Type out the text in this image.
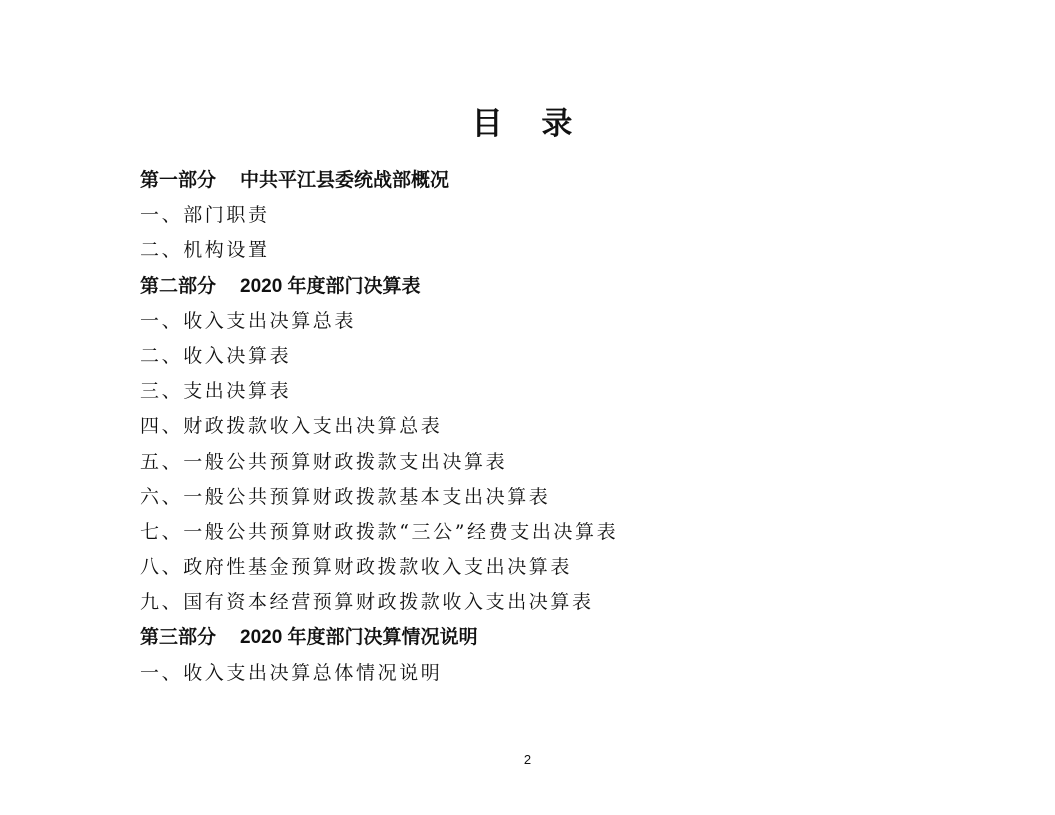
目 录
第一部分 中共平江县委统战部概况
一、部门职责
二、机构设置
第二部分 2020 年度部门决算表
一、收入支出决算总表
二、收入决算表
三、支出决算表
四、财政拨款收入支出决算总表
五、一般公共预算财政拨款支出决算表
六、一般公共预算财政拨款基本支出决算表
七、一般公共预算财政拨款“三公”经费支出决算表
八、政府性基金预算财政拨款收入支出决算表
九、国有资本经营预算财政拨款收入支出决算表
第三部分 2020 年度部门决算情况说明
一、收入支出决算总体情况说明
2
